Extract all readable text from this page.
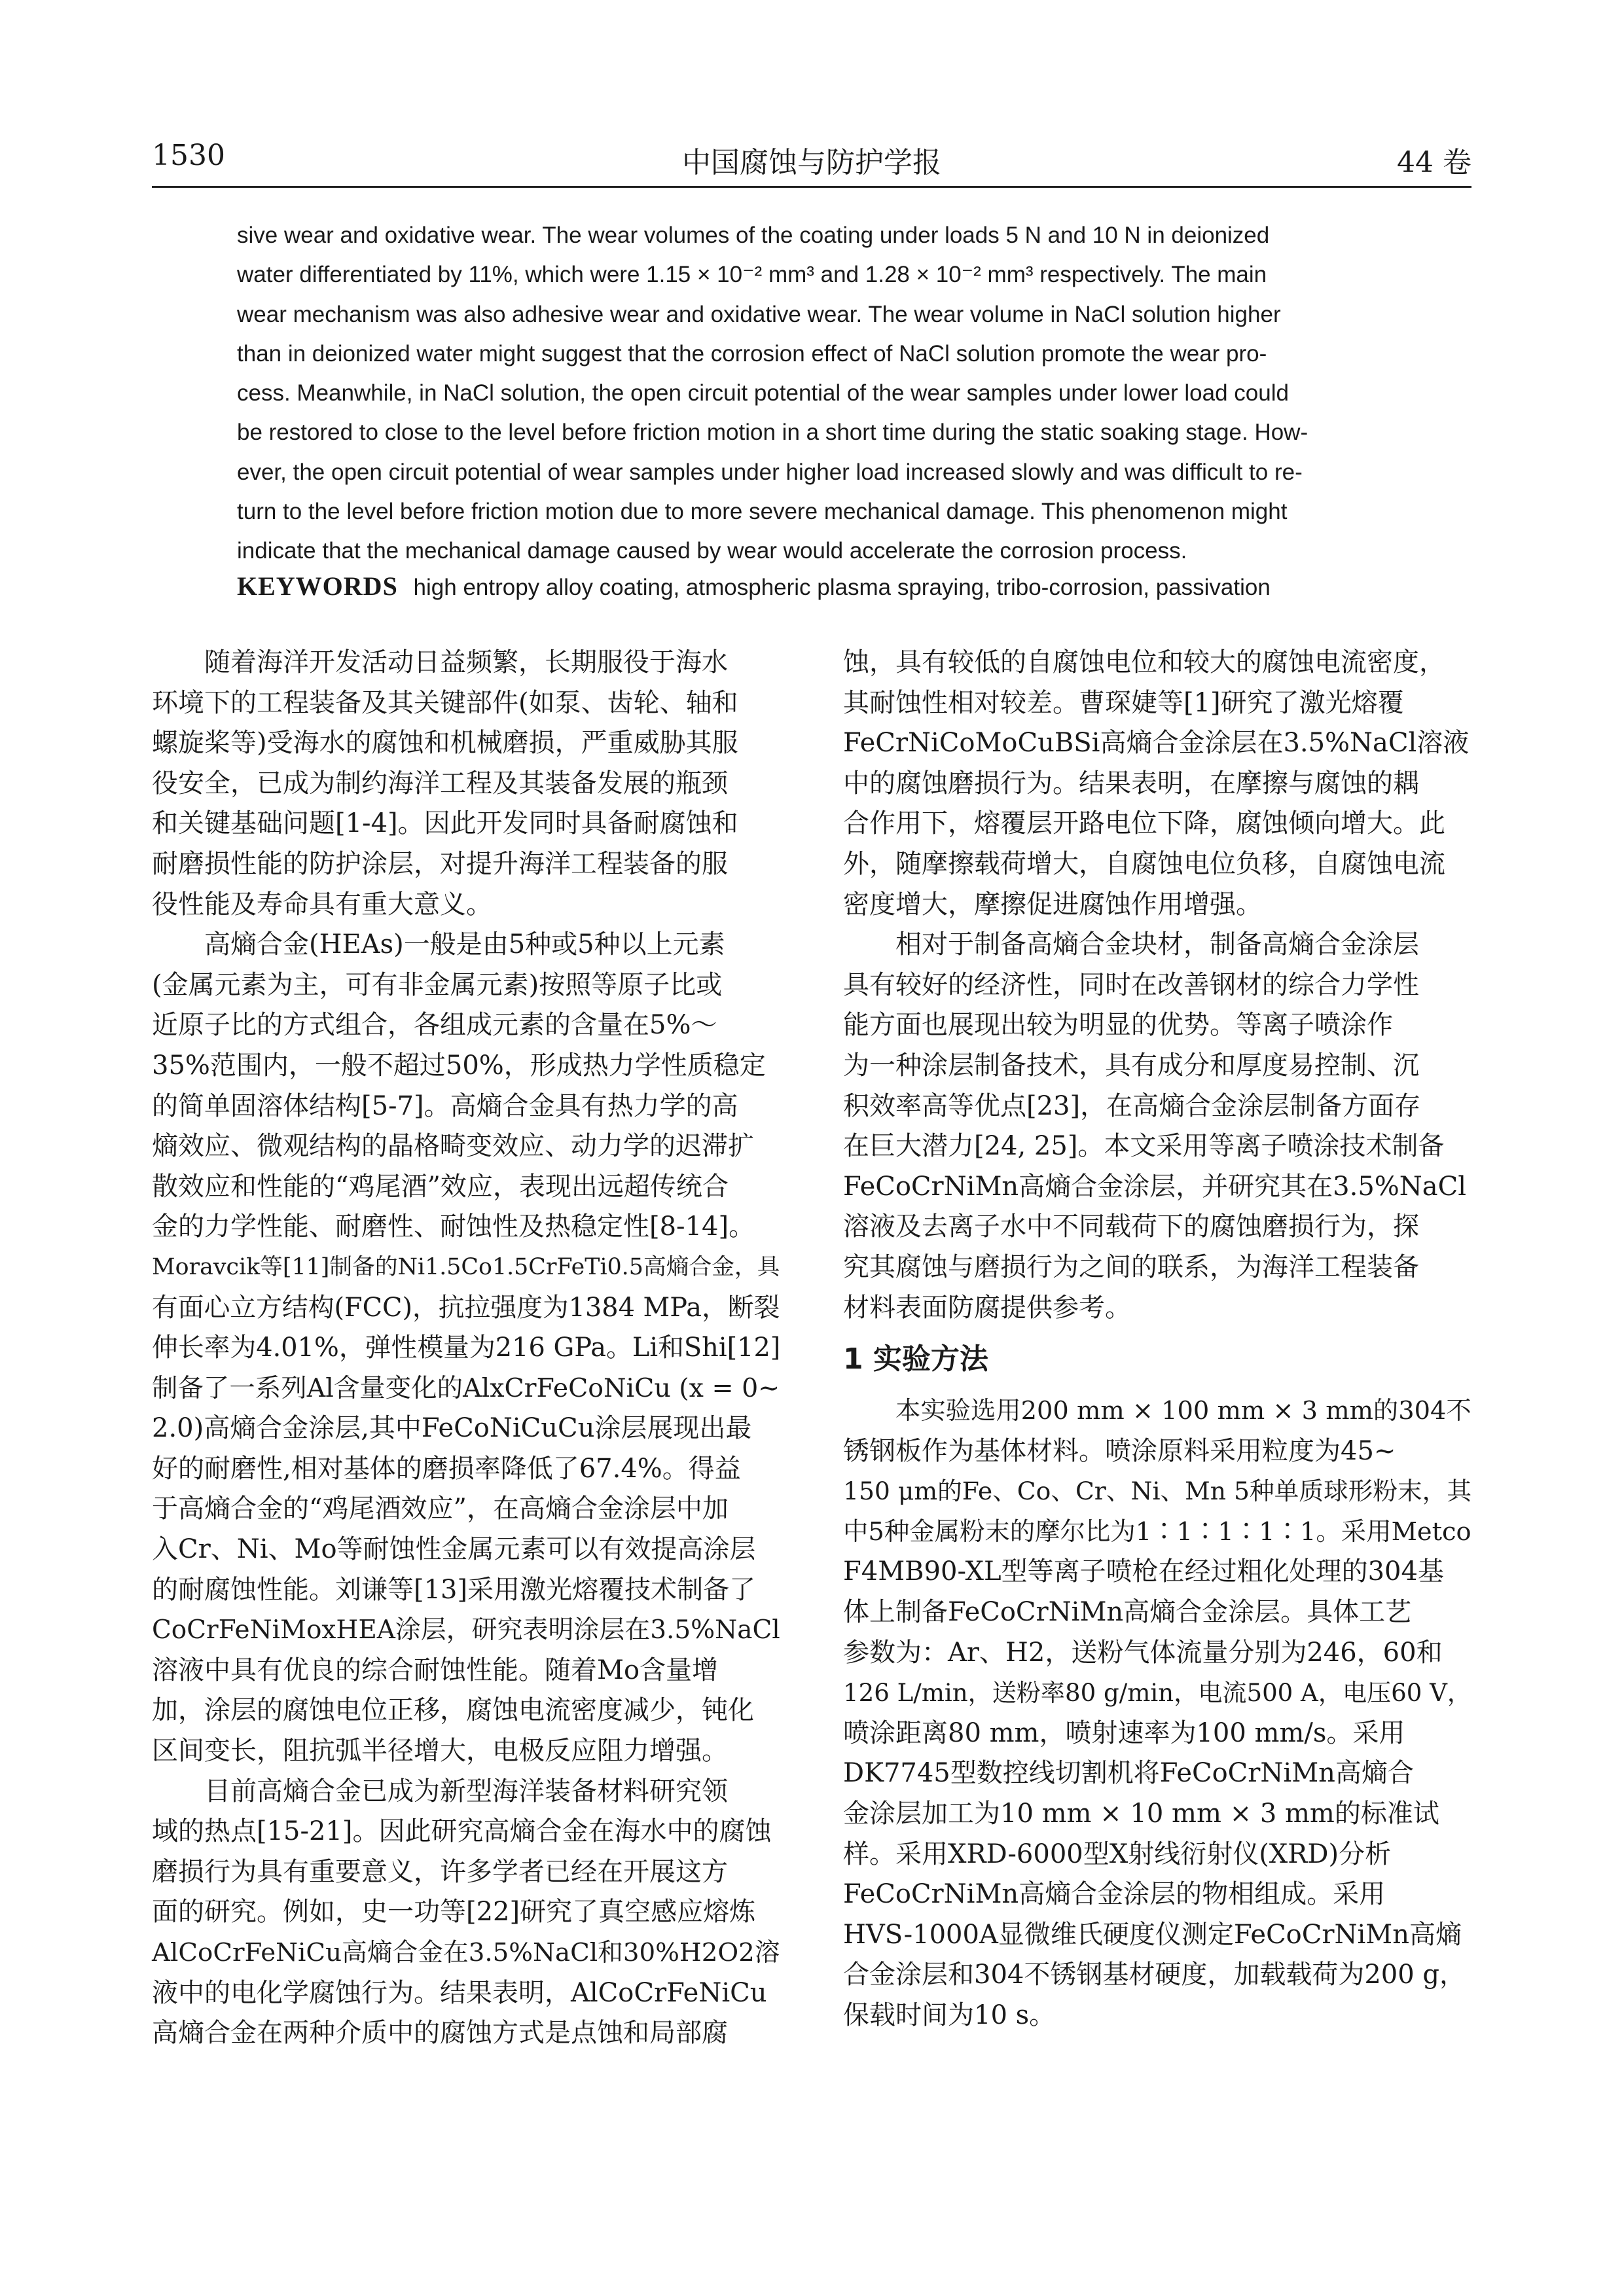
1530	中国腐蚀与防护学报	44 卷
sive wear and oxidative wear. The wear volumes of the coating under loads 5 N and 10 N in deionized
water differentiated by 11%, which were 1.15 × 10⁻² mm³ and 1.28 × 10⁻² mm³ respectively. The main
wear mechanism was also adhesive wear and oxidative wear. The wear volume in NaCl solution higher
than in deionized water might suggest that the corrosion effect of NaCl solution promote the wear pro-
cess. Meanwhile, in NaCl solution, the open circuit potential of the wear samples under lower load could
be restored to close to the level before friction motion in a short time during the static soaking stage. How-
ever, the open circuit potential of wear samples under higher load increased slowly and was difficult to re-
turn to the level before friction motion due to more severe mechanical damage. This phenomenon might
indicate that the mechanical damage caused by wear would accelerate the corrosion process.
KEYWORDS high entropy alloy coating, atmospheric plasma spraying, tribo-corrosion, passivation
随着海洋开发活动日益频繁，长期服役于海水
环境下的工程装备及其关键部件(如泵、齿轮、轴和
螺旋桨等)受海水的腐蚀和机械磨损，严重威胁其服
役安全，已成为制约海洋工程及其装备发展的瓶颈
和关键基础问题[1-4]。因此开发同时具备耐腐蚀和
耐磨损性能的防护涂层，对提升海洋工程装备的服
役性能及寿命具有重大意义。
高熵合金(HEAs)一般是由5种或5种以上元素
(金属元素为主，可有非金属元素)按照等原子比或
近原子比的方式组合，各组成元素的含量在5%～
35%范围内，一般不超过50%，形成热力学性质稳定
的简单固溶体结构[5-7]。高熵合金具有热力学的高
熵效应、微观结构的晶格畸变效应、动力学的迟滞扩
散效应和性能的“鸡尾酒”效应，表现出远超传统合
金的力学性能、耐磨性、耐蚀性及热稳定性[8-14]。
Moravcik等[11]制备的Ni1.5Co1.5CrFeTi0.5高熵合金，具
有面心立方结构(FCC)，抗拉强度为1384 MPa，断裂
伸长率为4.01%，弹性模量为216 GPa。Li和Shi[12]
制备了一系列Al含量变化的AlxCrFeCoNiCu (x = 0~
2.0)高熵合金涂层,其中FeCoNiCuCu涂层展现出最
好的耐磨性,相对基体的磨损率降低了67.4%。得益
于高熵合金的“鸡尾酒效应”，在高熵合金涂层中加
入Cr、Ni、Mo等耐蚀性金属元素可以有效提高涂层
的耐腐蚀性能。刘谦等[13]采用激光熔覆技术制备了
CoCrFeNiMoxHEA涂层，研究表明涂层在3.5%NaCl
溶液中具有优良的综合耐蚀性能。随着Mo含量增
加，涂层的腐蚀电位正移，腐蚀电流密度减少，钝化
区间变长，阻抗弧半径增大，电极反应阻力增强。
目前高熵合金已成为新型海洋装备材料研究领
域的热点[15-21]。因此研究高熵合金在海水中的腐蚀
磨损行为具有重要意义，许多学者已经在开展这方
面的研究。例如，史一功等[22]研究了真空感应熔炼
AlCoCrFeNiCu高熵合金在3.5%NaCl和30%H2O2溶
液中的电化学腐蚀行为。结果表明，AlCoCrFeNiCu
高熵合金在两种介质中的腐蚀方式是点蚀和局部腐
蚀，具有较低的自腐蚀电位和较大的腐蚀电流密度，
其耐蚀性相对较差。曹琛婕等[1]研究了激光熔覆
FeCrNiCoMoCuBSi高熵合金涂层在3.5%NaCl溶液
中的腐蚀磨损行为。结果表明，在摩擦与腐蚀的耦
合作用下，熔覆层开路电位下降，腐蚀倾向增大。此
外，随摩擦载荷增大，自腐蚀电位负移，自腐蚀电流
密度增大，摩擦促进腐蚀作用增强。
相对于制备高熵合金块材，制备高熵合金涂层
具有较好的经济性，同时在改善钢材的综合力学性
能方面也展现出较为明显的优势。等离子喷涂作
为一种涂层制备技术，具有成分和厚度易控制、沉
积效率高等优点[23]，在高熵合金涂层制备方面存
在巨大潜力[24, 25]。本文采用等离子喷涂技术制备
FeCoCrNiMn高熵合金涂层，并研究其在3.5%NaCl
溶液及去离子水中不同载荷下的腐蚀磨损行为，探
究其腐蚀与磨损行为之间的联系，为海洋工程装备
材料表面防腐提供参考。
1 实验方法
本实验选用200 mm × 100 mm × 3 mm的304不
锈钢板作为基体材料。喷涂原料采用粒度为45~
150 μm的Fe、Co、Cr、Ni、Mn 5种单质球形粉末，其
中5种金属粉末的摩尔比为1∶1∶1∶1∶1。采用Metco
F4MB90-XL型等离子喷枪在经过粗化处理的304基
体上制备FeCoCrNiMn高熵合金涂层。具体工艺
参数为：Ar、H2，送粉气体流量分别为246，60和
126 L/min，送粉率80 g/min，电流500 A，电压60 V，
喷涂距离80 mm，喷射速率为100 mm/s。采用
DK7745型数控线切割机将FeCoCrNiMn高熵合
金涂层加工为10 mm × 10 mm × 3 mm的标准试
样。采用XRD-6000型X射线衍射仪(XRD)分析
FeCoCrNiMn高熵合金涂层的物相组成。采用
HVS-1000A显微维氏硬度仪测定FeCoCrNiMn高熵
合金涂层和304不锈钢基材硬度，加载载荷为200 g，
保载时间为10 s。
